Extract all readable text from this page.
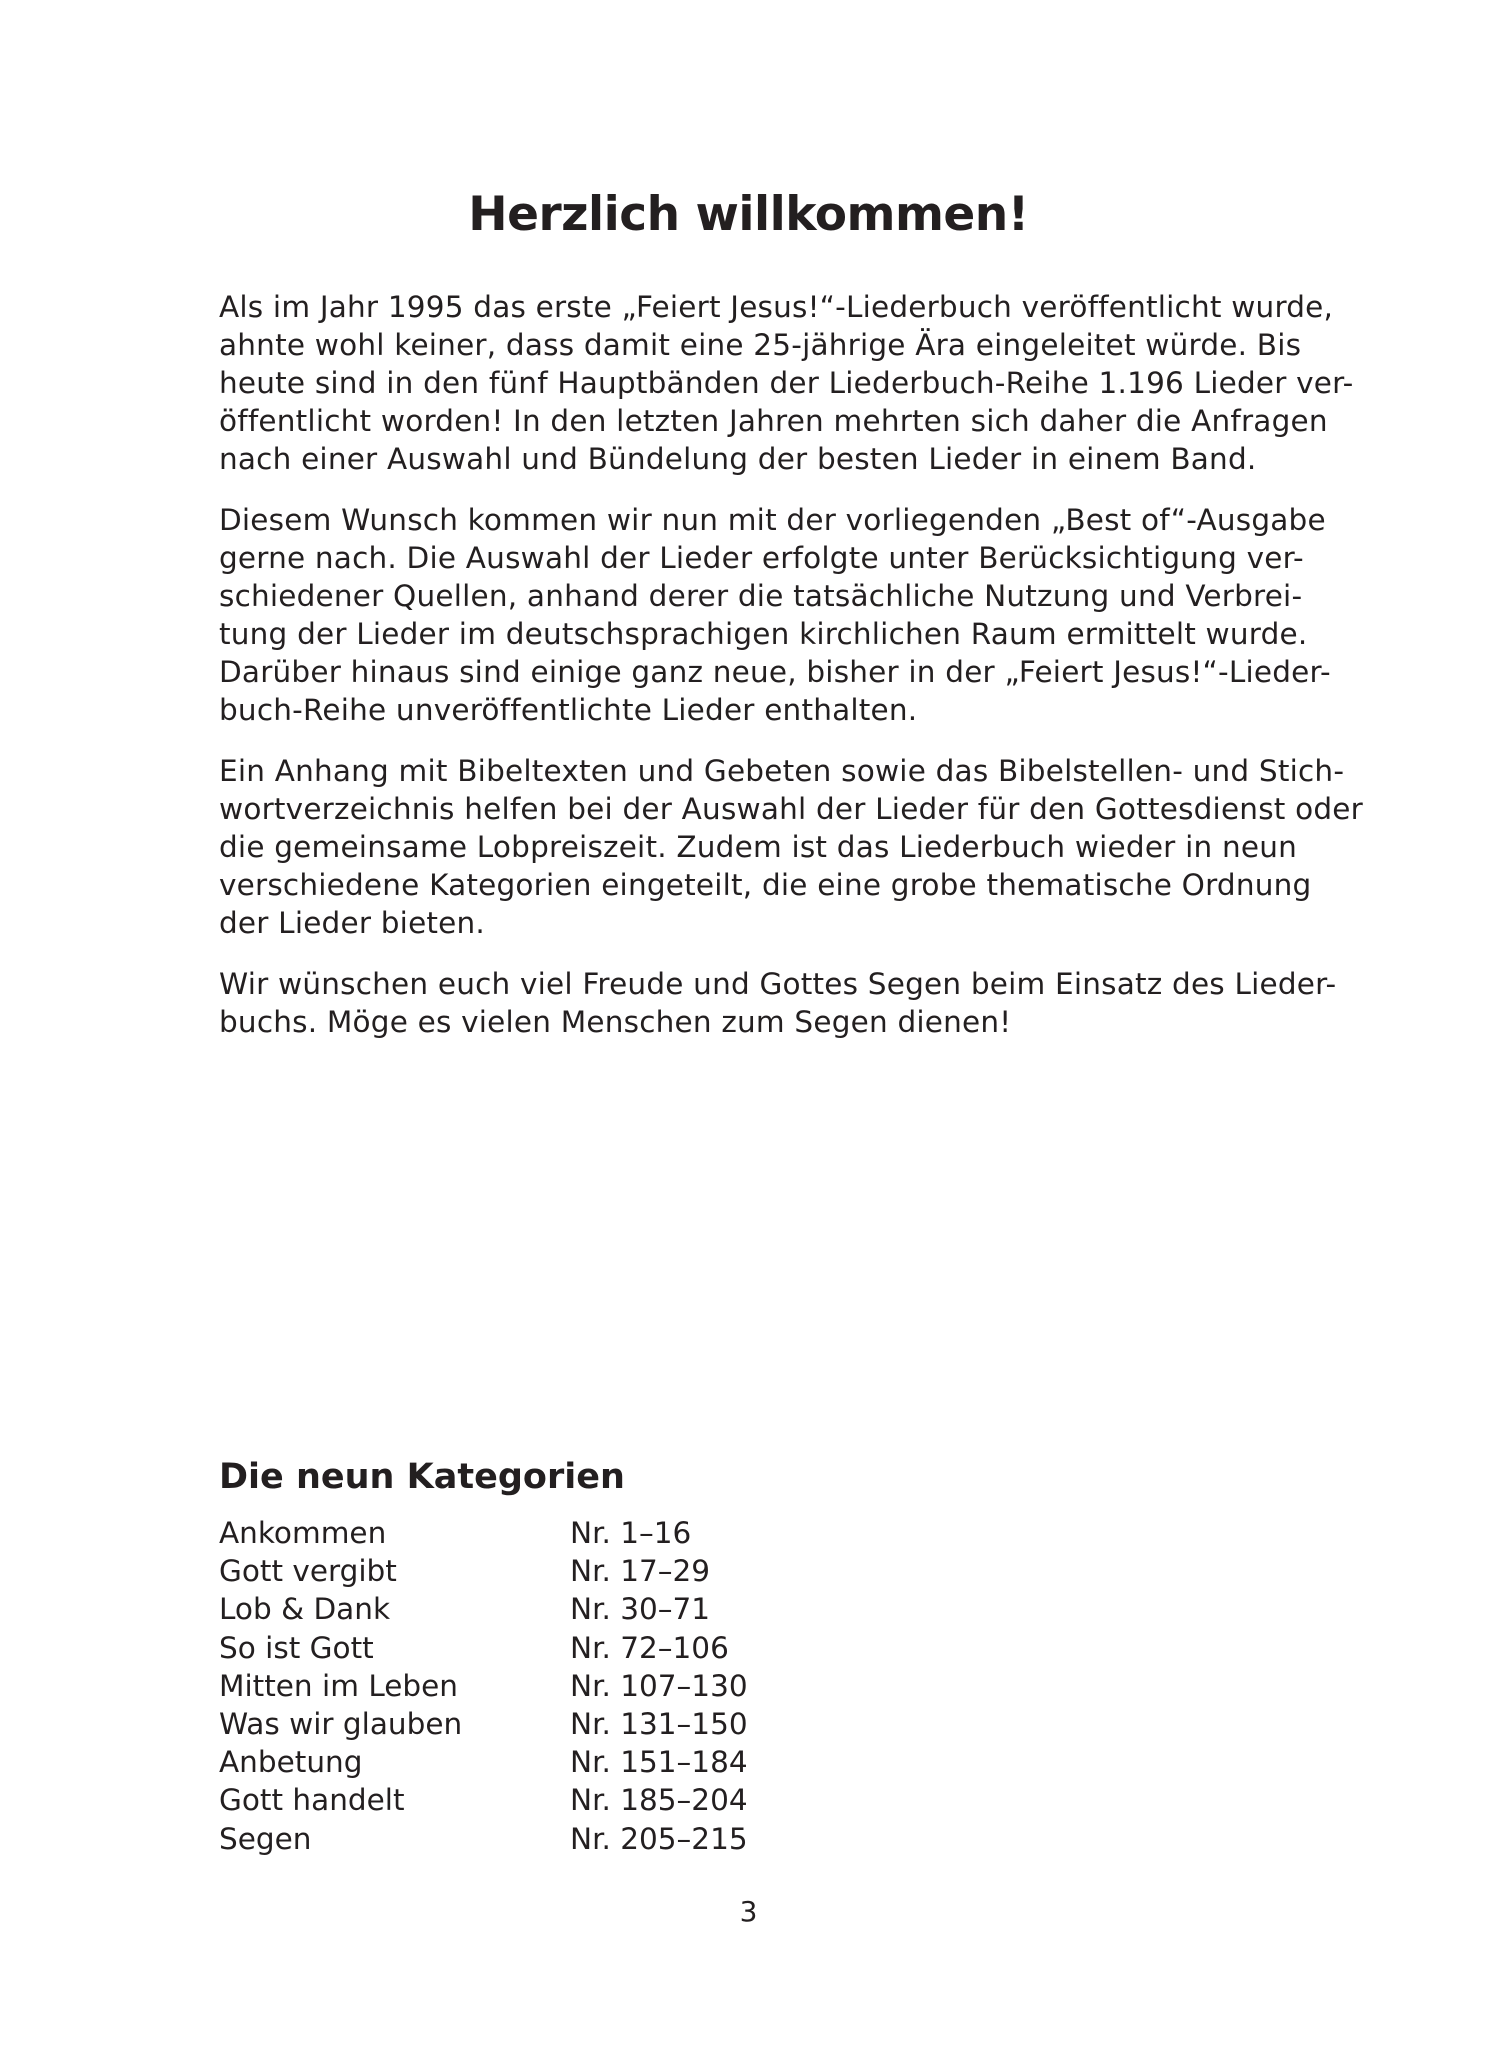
Herzlich willkommen!

Als im Jahr 1995 das erste „Feiert Jesus!“-Liederbuch veröffentlicht wurde,
ahnte wohl keiner, dass damit eine 25-jährige Ära eingeleitet würde. Bis
heute sind in den fünf Hauptbänden der Liederbuch-Reihe 1.196 Lieder ver-
öffentlicht worden! In den letzten Jahren mehrten sich daher die Anfragen
nach einer Auswahl und Bündelung der besten Lieder in einem Band.

Diesem Wunsch kommen wir nun mit der vorliegenden „Best of“-Ausgabe
gerne nach. Die Auswahl der Lieder erfolgte unter Berücksichtigung ver-
schiedener Quellen, anhand derer die tatsächliche Nutzung und Verbrei-
tung der Lieder im deutschsprachigen kirchlichen Raum ermittelt wurde.
Darüber hinaus sind einige ganz neue, bisher in der „Feiert Jesus!“-Lieder-
buch-Reihe unveröffentlichte Lieder enthalten.

Ein Anhang mit Bibeltexten und Gebeten sowie das Bibelstellen- und Stich-
wortverzeichnis helfen bei der Auswahl der Lieder für den Gottesdienst oder
die gemeinsame Lobpreiszeit. Zudem ist das Liederbuch wieder in neun
verschiedene Kategorien eingeteilt, die eine grobe thematische Ordnung
der Lieder bieten.

Wir wünschen euch viel Freude und Gottes Segen beim Einsatz des Lieder-
buchs. Möge es vielen Menschen zum Segen dienen!

Die neun Kategorien
Ankommen	Nr. 1–16
Gott vergibt	Nr. 17–29
Lob & Dank	Nr. 30–71
So ist Gott	Nr. 72–106
Mitten im Leben	Nr. 107–130
Was wir glauben	Nr. 131–150
Anbetung	Nr. 151–184
Gott handelt	Nr. 185–204
Segen	Nr. 205–215
3
